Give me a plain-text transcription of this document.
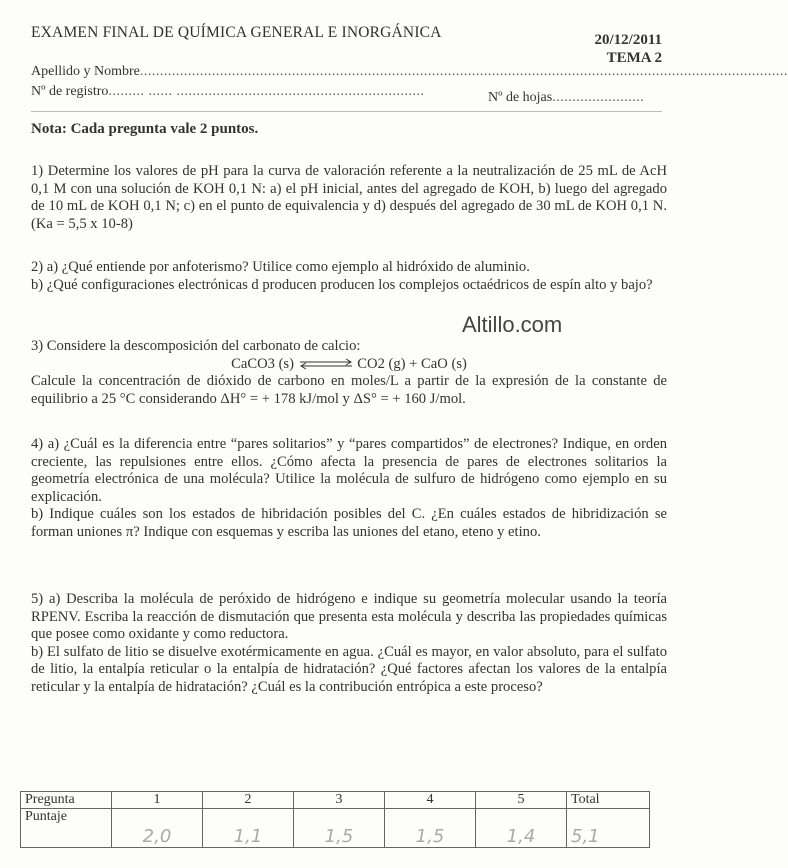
EXAMEN FINAL DE QUÍMICA GENERAL E INORGÁNICA	20/12/2011
TEMA 2
Apellido y Nombre..................................................................................................................................................................
Nº de registro......... ...... ..............................................................	Nº de hojas.......................
Nota: Cada pregunta vale 2 puntos.

1) Determine los valores de pH para la curva de valoración referente a la neutralización de 25 mL de AcH 0,1 M con una solución de KOH 0,1 N: a) el pH inicial, antes del agregado de KOH, b) luego del agregado de 10 mL de KOH 0,1 N; c) en el punto de equivalencia y d) después del agregado de 30 mL de KOH 0,1 N. (Ka = 5,5 x 10-8)

2) a) ¿Qué entiende por anfoterismo? Utilice como ejemplo al hidróxido de aluminio.

b) ¿Qué configuraciones electrónicas d producen producen los complejos octaédricos de espín alto y bajo?

Altillo.com

3) Considere la descomposición del carbonato de calcio:

CaCO3 (s) ⇌ CO2 (g) + CaO (s)

Calcule la concentración de dióxido de carbono en moles/L a partir de la expresión de la constante de equilibrio a 25 °C considerando ΔH° = + 178 kJ/mol y ΔS° = + 160 J/mol.

4) a) ¿Cuál es la diferencia entre “pares solitarios” y “pares compartidos” de electrones? Indique, en orden creciente, las repulsiones entre ellos. ¿Cómo afecta la presencia de pares de electrones solitarios la geometría electrónica de una molécula? Utilice la molécula de sulfuro de hidrógeno como ejemplo en su explicación.

b) Indique cuáles son los estados de hibridación posibles del C. ¿En cuáles estados de hibridización se forman uniones π? Indique con esquemas y escriba las uniones del etano, eteno y etino.

5) a) Describa la molécula de peróxido de hidrógeno e indique su geometría molecular usando la teoría RPENV. Escriba la reacción de dismutación que presenta esta molécula y describa las propiedades químicas que posee como oxidante y como reductora.

b) El sulfato de litio se disuelve exotérmicamente en agua. ¿Cuál es mayor, en valor absoluto, para el sulfato de litio, la entalpía reticular o la entalpía de hidratación? ¿Qué factores afectan los valores de la entalpía reticular y la entalpía de hidratación? ¿Cuál es la contribución entrópica a este proceso?

Pregunta	1	2	3	4	5	Total
Puntaje	2,0	1,1	1,5	1,5	1,4	5,1
